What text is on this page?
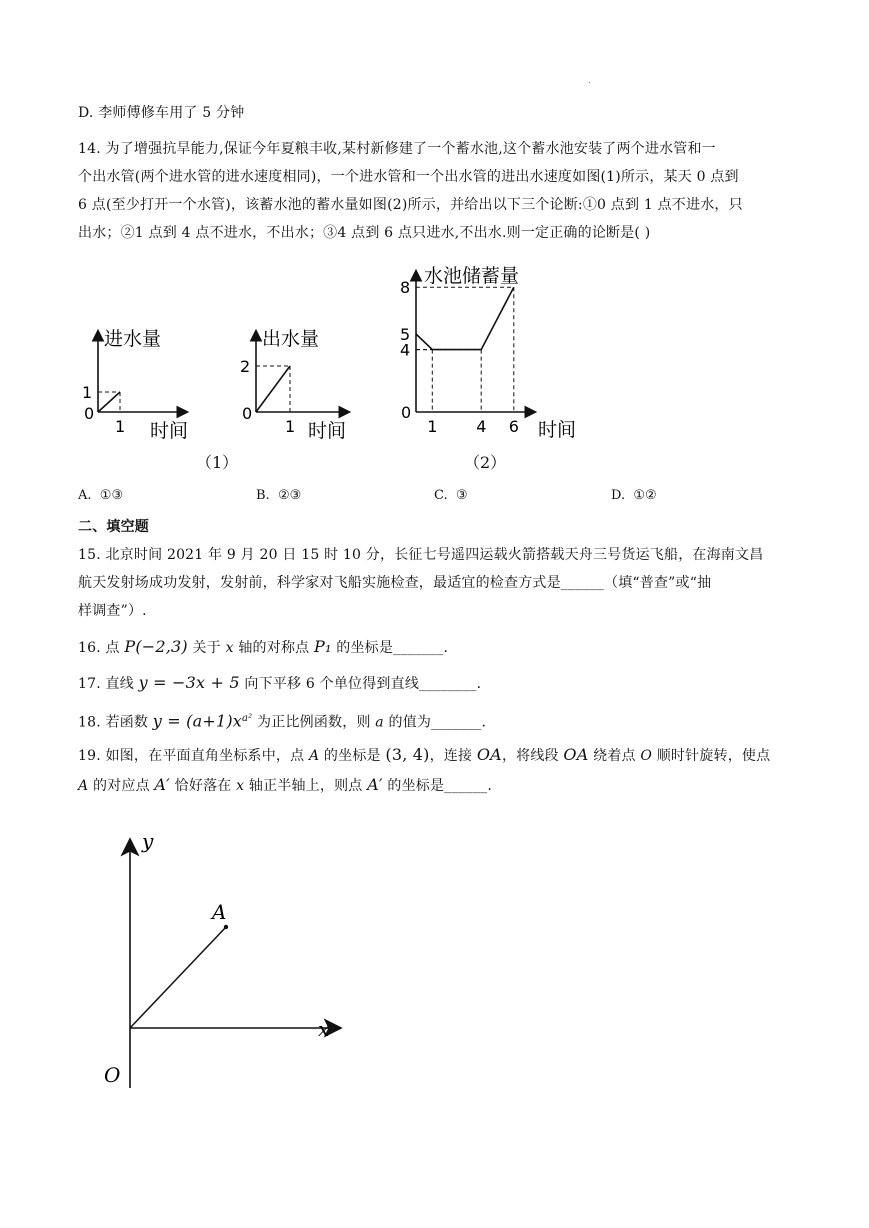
.
D. 李师傅修车用了 5 分钟
14. 为了增强抗旱能力,保证今年夏粮丰收,某村新修建了一个蓄水池,这个蓄水池安装了两个进水管和一
个出水管(两个进水管的进水速度相同)，一个进水管和一个出水管的进出水速度如图(1)所示，某天 0 点到
6 点(至少打开一个水管)，该蓄水池的蓄水量如图(2)所示，并给出以下三个论断:①0 点到 1 点不进水，只
出水；②1 点到 4 点不进水，不出水；③4 点到 6 点只进水,不出水.则一定正确的论断是( )
进水量
时间
0
1
1
出水量
时间
0
1
2
水池储蓄量
时间
0
1 4 6
4
5
8
（1）	（2）
A. ①③	B. ②③	C. ③	D. ①②
二、填空题
15. 北京时间 2021 年 9 月 20 日 15 时 10 分，长征七号遥四运载火箭搭载天舟三号货运飞船，在海南文昌
航天发射场成功发射，发射前，科学家对飞船实施检查，最适宜的检查方式是______（填“普查”或“抽
样调查”）.
16. 点 P(−2,3) 关于 x 轴的对称点 P₁ 的坐标是_______.
17. 直线 y = −3x + 5 向下平移 6 个单位得到直线________.
18. 若函数 $y = (a+1)x^{a^2}$ 为正比例函数，则 a 的值为_______.
19. 如图，在平面直角坐标系中，点 A 的坐标是 (3, 4)，连接 OA，将线段 OA 绕着点 O 顺时针旋转，使点
A 的对应点 A′ 恰好落在 x 轴正半轴上，则点 A′ 的坐标是______.
y
x
O
A
